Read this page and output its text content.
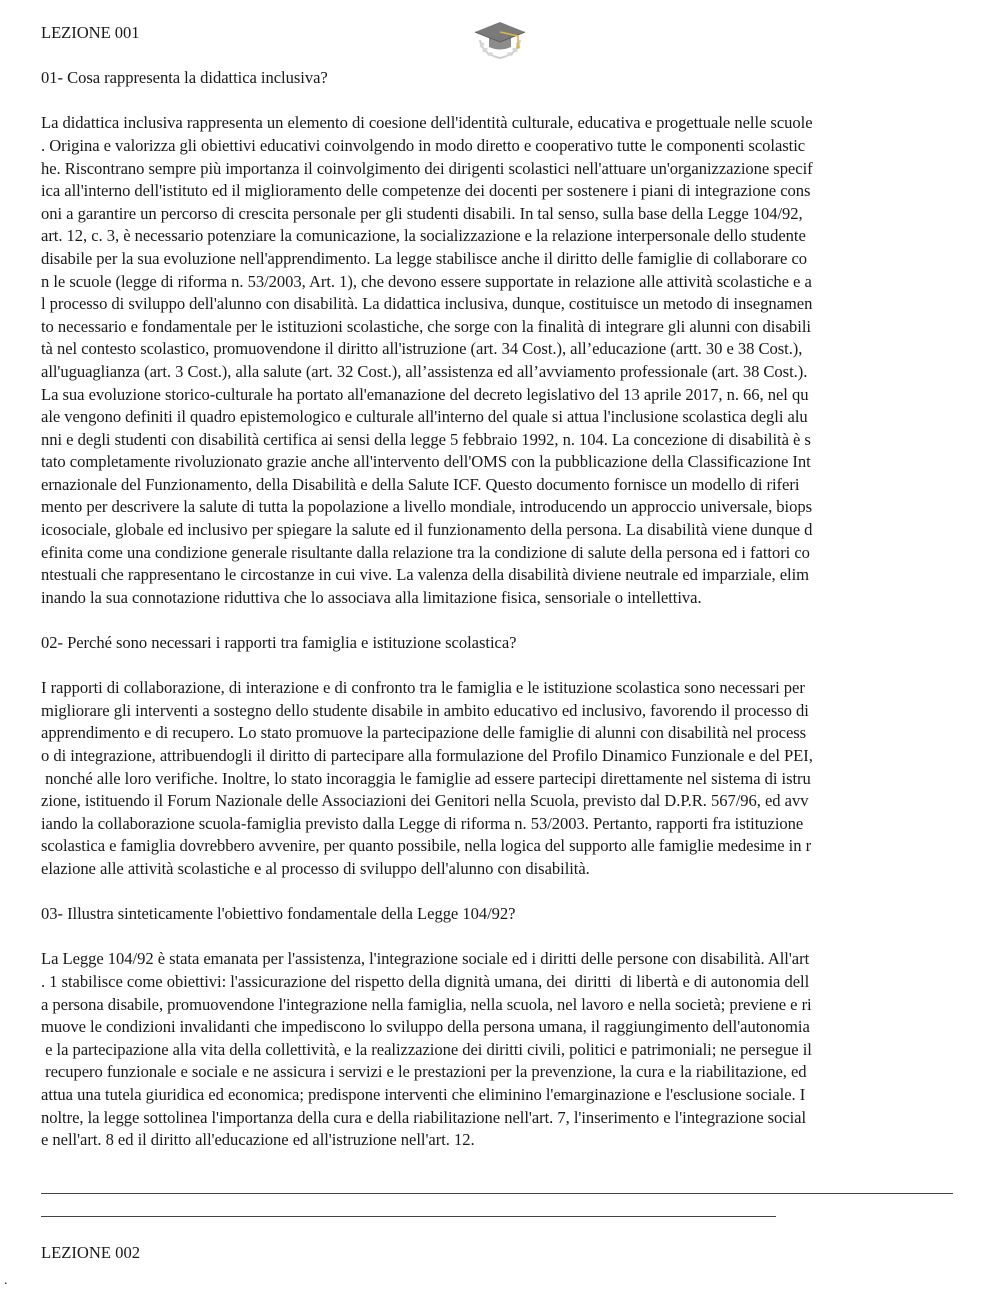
LEZIONE 001

01- Cosa rappresenta la didattica inclusiva?

La didattica inclusiva rappresenta un elemento di coesione dell'identità culturale, educativa e progettuale nelle scuole

. Origina e valorizza gli obiettivi educativi coinvolgendo in modo diretto e cooperativo tutte le componenti scolastic

he. Riscontrano sempre più importanza il coinvolgimento dei dirigenti scolastici nell'attuare un'organizzazione specif

ica all'interno dell'istituto ed il miglioramento delle competenze dei docenti per sostenere i piani di integrazione cons

oni a garantire un percorso di crescita personale per gli studenti disabili. In tal senso, sulla base della Legge 104/92,

art. 12, c. 3, è necessario potenziare la comunicazione, la socializzazione e la relazione interpersonale dello studente

disabile per la sua evoluzione nell'apprendimento. La legge stabilisce anche il diritto delle famiglie di collaborare co

n le scuole (legge di riforma n. 53/2003, Art. 1), che devono essere supportate in relazione alle attività scolastiche e a

l processo di sviluppo dell'alunno con disabilità. La didattica inclusiva, dunque, costituisce un metodo di insegnamen

to necessario e fondamentale per le istituzioni scolastiche, che sorge con la finalità di integrare gli alunni con disabili

tà nel contesto scolastico, promuovendone il diritto all'istruzione (art. 34 Cost.), all’educazione (artt. 30 e 38 Cost.),

all'uguaglianza (art. 3 Cost.), alla salute (art. 32 Cost.), all’assistenza ed all’avviamento professionale (art. 38 Cost.).

La sua evoluzione storico-culturale ha portato all'emanazione del decreto legislativo del 13 aprile 2017, n. 66, nel qu

ale vengono definiti il quadro epistemologico e culturale all'interno del quale si attua l'inclusione scolastica degli alu

nni e degli studenti con disabilità certifica ai sensi della legge 5 febbraio 1992, n. 104. La concezione di disabilità è s

tato completamente rivoluzionato grazie anche all'intervento dell'OMS con la pubblicazione della Classificazione Int

ernazionale del Funzionamento, della Disabilità e della Salute ICF. Questo documento fornisce un modello di riferi

mento per descrivere la salute di tutta la popolazione a livello mondiale, introducendo un approccio universale, biops

icosociale, globale ed inclusivo per spiegare la salute ed il funzionamento della persona. La disabilità viene dunque d

efinita come una condizione generale risultante dalla relazione tra la condizione di salute della persona ed i fattori co

ntestuali che rappresentano le circostanze in cui vive. La valenza della disabilità diviene neutrale ed imparziale, elim

inando la sua connotazione riduttiva che lo associava alla limitazione fisica, sensoriale o intellettiva.

02- Perché sono necessari i rapporti tra famiglia e istituzione scolastica?

I rapporti di collaborazione, di interazione e di confronto tra le famiglia e le istituzione scolastica sono necessari per

migliorare gli interventi a sostegno dello studente disabile in ambito educativo ed inclusivo, favorendo il processo di

apprendimento e di recupero. Lo stato promuove la partecipazione delle famiglie di alunni con disabilità nel process

o di integrazione, attribuendogli il diritto di partecipare alla formulazione del Profilo Dinamico Funzionale e del PEI,

nonché alle loro verifiche. Inoltre, lo stato incoraggia le famiglie ad essere partecipi direttamente nel sistema di istru

zione, istituendo il Forum Nazionale delle Associazioni dei Genitori nella Scuola, previsto dal D.P.R. 567/96, ed avv

iando la collaborazione scuola-famiglia previsto dalla Legge di riforma n. 53/2003. Pertanto, rapporti fra istituzione

scolastica e famiglia dovrebbero avvenire, per quanto possibile, nella logica del supporto alle famiglie medesime in r

elazione alle attività scolastiche e al processo di sviluppo dell'alunno con disabilità.

03- Illustra sinteticamente l'obiettivo fondamentale della Legge 104/92?

La Legge 104/92 è stata emanata per l'assistenza, l'integrazione sociale ed i diritti delle persone con disabilità. All'art

. 1 stabilisce come obiettivi: l'assicurazione del rispetto della dignità umana, dei  diritti  di libertà e di autonomia dell

a persona disabile, promuovendone l'integrazione nella famiglia, nella scuola, nel lavoro e nella società; previene e ri

muove le condizioni invalidanti che impediscono lo sviluppo della persona umana, il raggiungimento dell'autonomia

e la partecipazione alla vita della collettività, e la realizzazione dei diritti civili, politici e patrimoniali; ne persegue il

recupero funzionale e sociale e ne assicura i servizi e le prestazioni per la prevenzione, la cura e la riabilitazione, ed

attua una tutela giuridica ed economica; predispone interventi che eliminino l'emarginazione e l'esclusione sociale. I

noltre, la legge sottolinea l'importanza della cura e della riabilitazione nell'art. 7, l'inserimento e l'integrazione social

e nell'art. 8 ed il diritto all'educazione ed all'istruzione nell'art. 12.

LEZIONE 002
.
